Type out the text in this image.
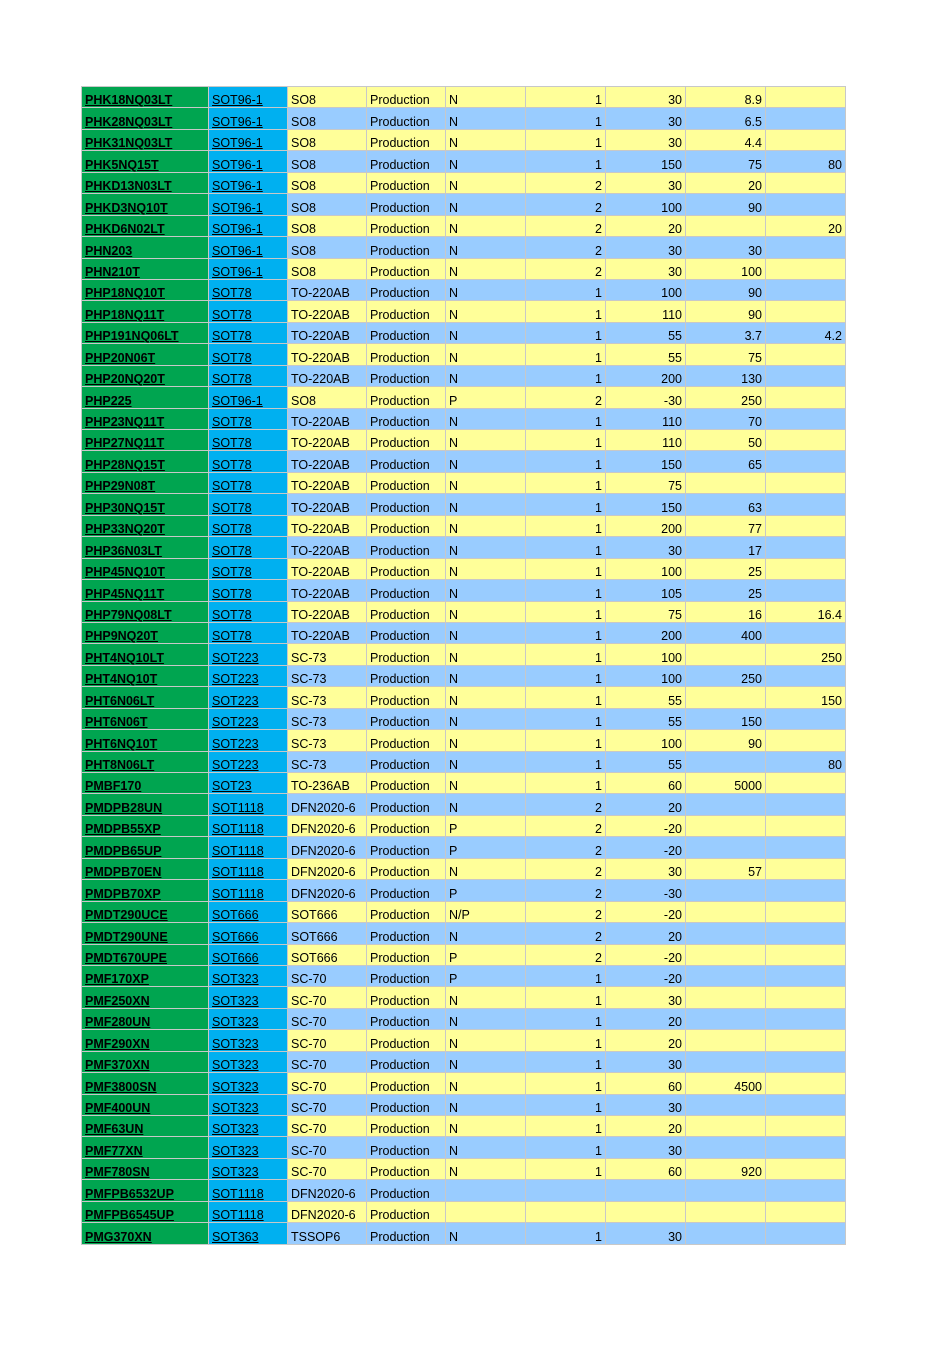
PHK18NQ03LT	SOT96-1	SO8	Production	N	1	30	8.9	
PHK28NQ03LT	SOT96-1	SO8	Production	N	1	30	6.5	
PHK31NQ03LT	SOT96-1	SO8	Production	N	1	30	4.4	
PHK5NQ15T	SOT96-1	SO8	Production	N	1	150	75	80
PHKD13N03LT	SOT96-1	SO8	Production	N	2	30	20	
PHKD3NQ10T	SOT96-1	SO8	Production	N	2	100	90	
PHKD6N02LT	SOT96-1	SO8	Production	N	2	20		20
PHN203	SOT96-1	SO8	Production	N	2	30	30	
PHN210T	SOT96-1	SO8	Production	N	2	30	100	
PHP18NQ10T	SOT78	TO-220AB	Production	N	1	100	90	
PHP18NQ11T	SOT78	TO-220AB	Production	N	1	110	90	
PHP191NQ06LT	SOT78	TO-220AB	Production	N	1	55	3.7	4.2
PHP20N06T	SOT78	TO-220AB	Production	N	1	55	75	
PHP20NQ20T	SOT78	TO-220AB	Production	N	1	200	130	
PHP225	SOT96-1	SO8	Production	P	2	-30	250	
PHP23NQ11T	SOT78	TO-220AB	Production	N	1	110	70	
PHP27NQ11T	SOT78	TO-220AB	Production	N	1	110	50	
PHP28NQ15T	SOT78	TO-220AB	Production	N	1	150	65	
PHP29N08T	SOT78	TO-220AB	Production	N	1	75		
PHP30NQ15T	SOT78	TO-220AB	Production	N	1	150	63	
PHP33NQ20T	SOT78	TO-220AB	Production	N	1	200	77	
PHP36N03LT	SOT78	TO-220AB	Production	N	1	30	17	
PHP45NQ10T	SOT78	TO-220AB	Production	N	1	100	25	
PHP45NQ11T	SOT78	TO-220AB	Production	N	1	105	25	
PHP79NQ08LT	SOT78	TO-220AB	Production	N	1	75	16	16.4
PHP9NQ20T	SOT78	TO-220AB	Production	N	1	200	400	
PHT4NQ10LT	SOT223	SC-73	Production	N	1	100		250
PHT4NQ10T	SOT223	SC-73	Production	N	1	100	250	
PHT6N06LT	SOT223	SC-73	Production	N	1	55		150
PHT6N06T	SOT223	SC-73	Production	N	1	55	150	
PHT6NQ10T	SOT223	SC-73	Production	N	1	100	90	
PHT8N06LT	SOT223	SC-73	Production	N	1	55		80
PMBF170	SOT23	TO-236AB	Production	N	1	60	5000	
PMDPB28UN	SOT1118	DFN2020-6	Production	N	2	20		
PMDPB55XP	SOT1118	DFN2020-6	Production	P	2	-20		
PMDPB65UP	SOT1118	DFN2020-6	Production	P	2	-20		
PMDPB70EN	SOT1118	DFN2020-6	Production	N	2	30	57	
PMDPB70XP	SOT1118	DFN2020-6	Production	P	2	-30		
PMDT290UCE	SOT666	SOT666	Production	N/P	2	-20		
PMDT290UNE	SOT666	SOT666	Production	N	2	20		
PMDT670UPE	SOT666	SOT666	Production	P	2	-20		
PMF170XP	SOT323	SC-70	Production	P	1	-20		
PMF250XN	SOT323	SC-70	Production	N	1	30		
PMF280UN	SOT323	SC-70	Production	N	1	20		
PMF290XN	SOT323	SC-70	Production	N	1	20		
PMF370XN	SOT323	SC-70	Production	N	1	30		
PMF3800SN	SOT323	SC-70	Production	N	1	60	4500	
PMF400UN	SOT323	SC-70	Production	N	1	30		
PMF63UN	SOT323	SC-70	Production	N	1	20		
PMF77XN	SOT323	SC-70	Production	N	1	30		
PMF780SN	SOT323	SC-70	Production	N	1	60	920	
PMFPB6532UP	SOT1118	DFN2020-6	Production					
PMFPB6545UP	SOT1118	DFN2020-6	Production					
PMG370XN	SOT363	TSSOP6	Production	N	1	30		
